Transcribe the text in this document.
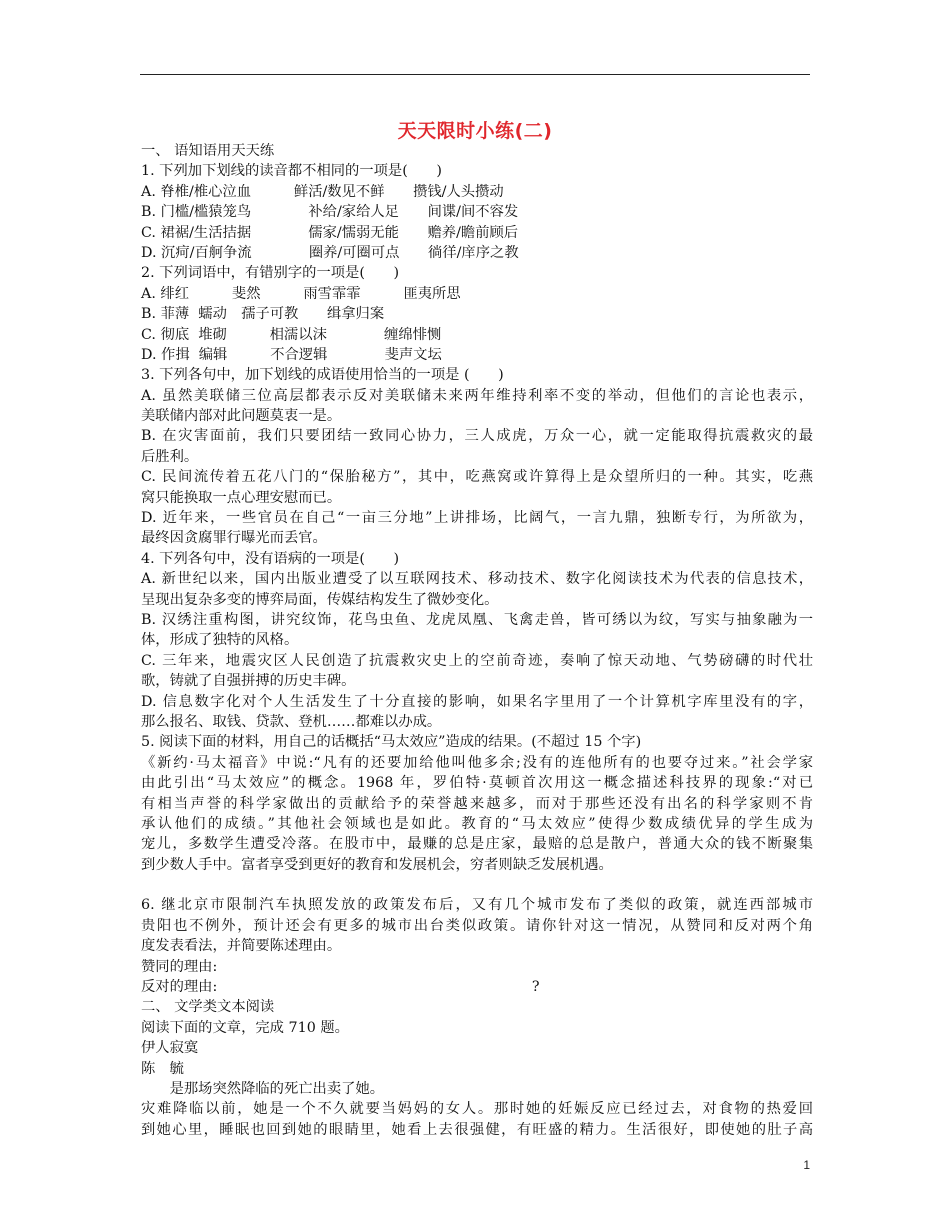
天天限时小练(二)
一、 语知语用天天练
1. 下列加下划线的读音都不相同的一项是(　　)
A. 脊椎/椎心泣血　　　鲜活/数见不鲜　　攒钱/人头攒动
B. 门槛/槛猿笼鸟　　　　补给/家给人足　　间谍/间不容发
C. 裙裾/生活拮据　　　　儒家/懦弱无能　　赡养/瞻前顾后
D. 沉疴/百舸争流　　　　圈养/可圈可点　　徜徉/庠序之教
2. 下列词语中，有错别字的一项是(　　)
A. 绯红　　　斐然　　　雨雪霏霏　　　匪夷所思
B. 菲薄  蠕动　孺子可教　　缉拿归案
C. 彻底  堆砌　　　相濡以沫　　　　缠绵悱恻
D. 作揖  编辑　　　不合逻辑　　　　斐声文坛
3. 下列各句中，加下划线的成语使用恰当的一项是 (　　)
A. 虽然美联储三位高层都表示反对美联储未来两年维持利率不变的举动，但他们的言论也表示，
美联储内部对此问题莫衷一是。
B. 在灾害面前，我们只要团结一致同心协力，三人成虎，万众一心，就一定能取得抗震救灾的最
后胜利。
C. 民间流传着五花八门的“保胎秘方”，其中，吃燕窝或许算得上是众望所归的一种。其实，吃燕
窝只能换取一点心理安慰而已。
D. 近年来，一些官员在自己“一亩三分地”上讲排场，比阔气，一言九鼎，独断专行，为所欲为，
最终因贪腐罪行曝光而丢官。
4. 下列各句中，没有语病的一项是(　　)
A. 新世纪以来，国内出版业遭受了以互联网技术、移动技术、数字化阅读技术为代表的信息技术，
呈现出复杂多变的博弈局面，传媒结构发生了微妙变化。
B. 汉绣注重构图，讲究纹饰，花鸟虫鱼、龙虎凤凰、飞禽走兽，皆可绣以为纹，写实与抽象融为一
体，形成了独特的风格。
C. 三年来，地震灾区人民创造了抗震救灾史上的空前奇迹，奏响了惊天动地、气势磅礴的时代壮
歌，铸就了自强拼搏的历史丰碑。
D. 信息数字化对个人生活发生了十分直接的影响，如果名字里用了一个计算机字库里没有的字，
那么报名、取钱、贷款、登机……都难以办成。
5. 阅读下面的材料，用自己的话概括“马太效应”造成的结果。(不超过 15 个字)
《新约·马太福音》中说:“凡有的还要加给他叫他多余;没有的连他所有的也要夺过来。”社会学家
由此引出“马太效应”的概念。1968 年，罗伯特·莫顿首次用这一概念描述科技界的现象:“对已
有相当声誉的科学家做出的贡献给予的荣誉越来越多，而对于那些还没有出名的科学家则不肯
承认他们的成绩。”其他社会领域也是如此。教育的“马太效应”使得少数成绩优异的学生成为
宠儿，多数学生遭受冷落。在股市中，最赚的总是庄家，最赔的总是散户，普通大众的钱不断聚集
到少数人手中。富者享受到更好的教育和发展机会，穷者则缺乏发展机遇。
6. 继北京市限制汽车执照发放的政策发布后，又有几个城市发布了类似的政策，就连西部城市
贵阳也不例外，预计还会有更多的城市出台类似政策。请你针对这一情况，从赞同和反对两个角
度发表看法，并简要陈述理由。
赞同的理由:
反对的理由:　　　　　　　　　　　　　　　　　　　　　　?
二、 文学类文本阅读
阅读下面的文章，完成 710 题。
伊人寂寞
陈　毓
　　是那场突然降临的死亡出卖了她。
灾难降临以前，她是一个不久就要当妈妈的女人。那时她的妊娠反应已经过去，对食物的热爱回
到她心里，睡眠也回到她的眼睛里，她看上去很强健，有旺盛的精力。生活很好，即使她的肚子高
1
